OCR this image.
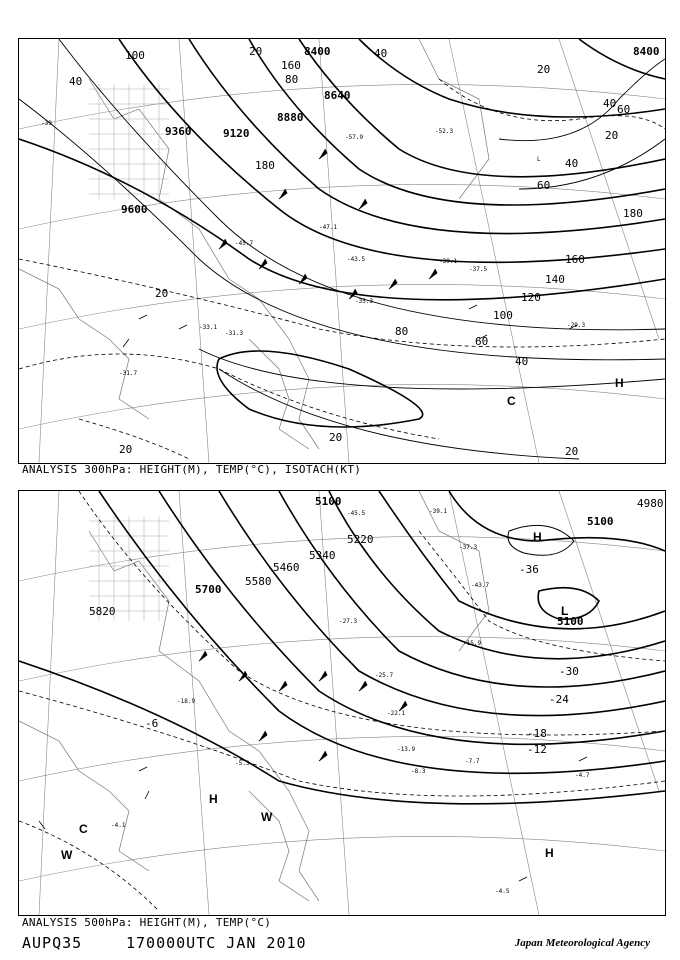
9600
9360	9120
8880
8640
8400	8400
100	20
160
80
40
40
180
20
100
120
140
160
180
80
60
40
20
20	20
20
60
40
40 60
20
H
C
L
-39
-45.7
-47.1
-43.5
-57.9
-52.3
-39.1
-37.5
-35.3
-31.3
-29.3
-31.7
-33.1
ANALYSIS 300hPa: HEIGHT(M), TEMP(°C), ISOTACH(KT)
5820
5700
5580
5460
5340
5220
5100	4980
5100
5100
-36
-30
-24
-18
-12
-6
H
L
H
H
W
C
W
-45.5	-39.1
-43.7
-37.3
-27.3
-25.7
-22.1
-18.9
-15.9
-13.9
-8.3
-7.7
-4.7
-5.3
-4.1
-4.5
ANALYSIS 500hPa: HEIGHT(M), TEMP(°C)
AUPQ35	170000UTC JAN 2010	Japan Meteorological Agency
